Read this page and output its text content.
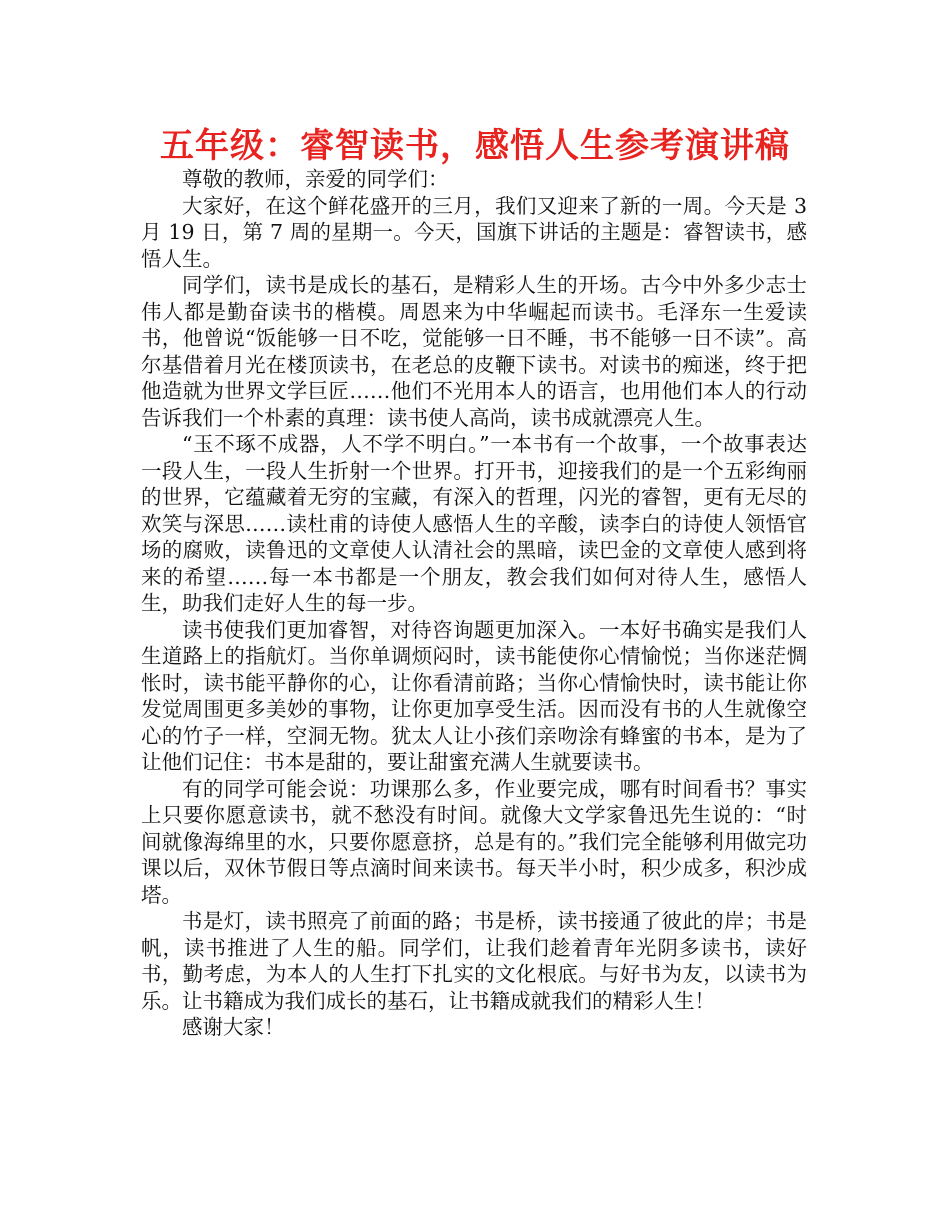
五年级：睿智读书，感悟人生参考演讲稿

尊敬的教师，亲爱的同学们：

大家好，在这个鲜花盛开的三月，我们又迎来了新的一周。今天是 3 月 19 日，第 7 周的星期一。今天，国旗下讲话的主题是：睿智读书，感悟人生。

同学们，读书是成长的基石，是精彩人生的开场。古今中外多少志士伟人都是勤奋读书的楷模。周恩来为中华崛起而读书。毛泽东一生爱读书，他曾说“饭能够一日不吃，觉能够一日不睡，书不能够一日不读”。高尔基借着月光在楼顶读书，在老总的皮鞭下读书。对读书的痴迷，终于把他造就为世界文学巨匠……他们不光用本人的语言，也用他们本人的行动告诉我们一个朴素的真理：读书使人高尚，读书成就漂亮人生。

“玉不琢不成器，人不学不明白。”一本书有一个故事，一个故事表达一段人生，一段人生折射一个世界。打开书，迎接我们的是一个五彩绚丽的世界，它蕴藏着无穷的宝藏，有深入的哲理，闪光的睿智，更有无尽的欢笑与深思……读杜甫的诗使人感悟人生的辛酸，读李白的诗使人领悟官场的腐败，读鲁迅的文章使人认清社会的黑暗，读巴金的文章使人感到将来的希望……每一本书都是一个朋友，教会我们如何对待人生，感悟人生，助我们走好人生的每一步。

读书使我们更加睿智，对待咨询题更加深入。一本好书确实是我们人生道路上的指航灯。当你单调烦闷时，读书能使你心情愉悦；当你迷茫惆怅时，读书能平静你的心，让你看清前路；当你心情愉快时，读书能让你发觉周围更多美妙的事物，让你更加享受生活。因而没有书的人生就像空心的竹子一样，空洞无物。犹太人让小孩们亲吻涂有蜂蜜的书本，是为了让他们记住：书本是甜的，要让甜蜜充满人生就要读书。

有的同学可能会说：功课那么多，作业要完成，哪有时间看书？事实上只要你愿意读书，就不愁没有时间。就像大文学家鲁迅先生说的：“时间就像海绵里的水，只要你愿意挤，总是有的。”我们完全能够利用做完功课以后，双休节假日等点滴时间来读书。每天半小时，积少成多，积沙成塔。

书是灯，读书照亮了前面的路；书是桥，读书接通了彼此的岸；书是帆，读书推进了人生的船。同学们，让我们趁着青年光阴多读书，读好书，勤考虑，为本人的人生打下扎实的文化根底。与好书为友，以读书为乐。让书籍成为我们成长的基石，让书籍成就我们的精彩人生！

感谢大家！
